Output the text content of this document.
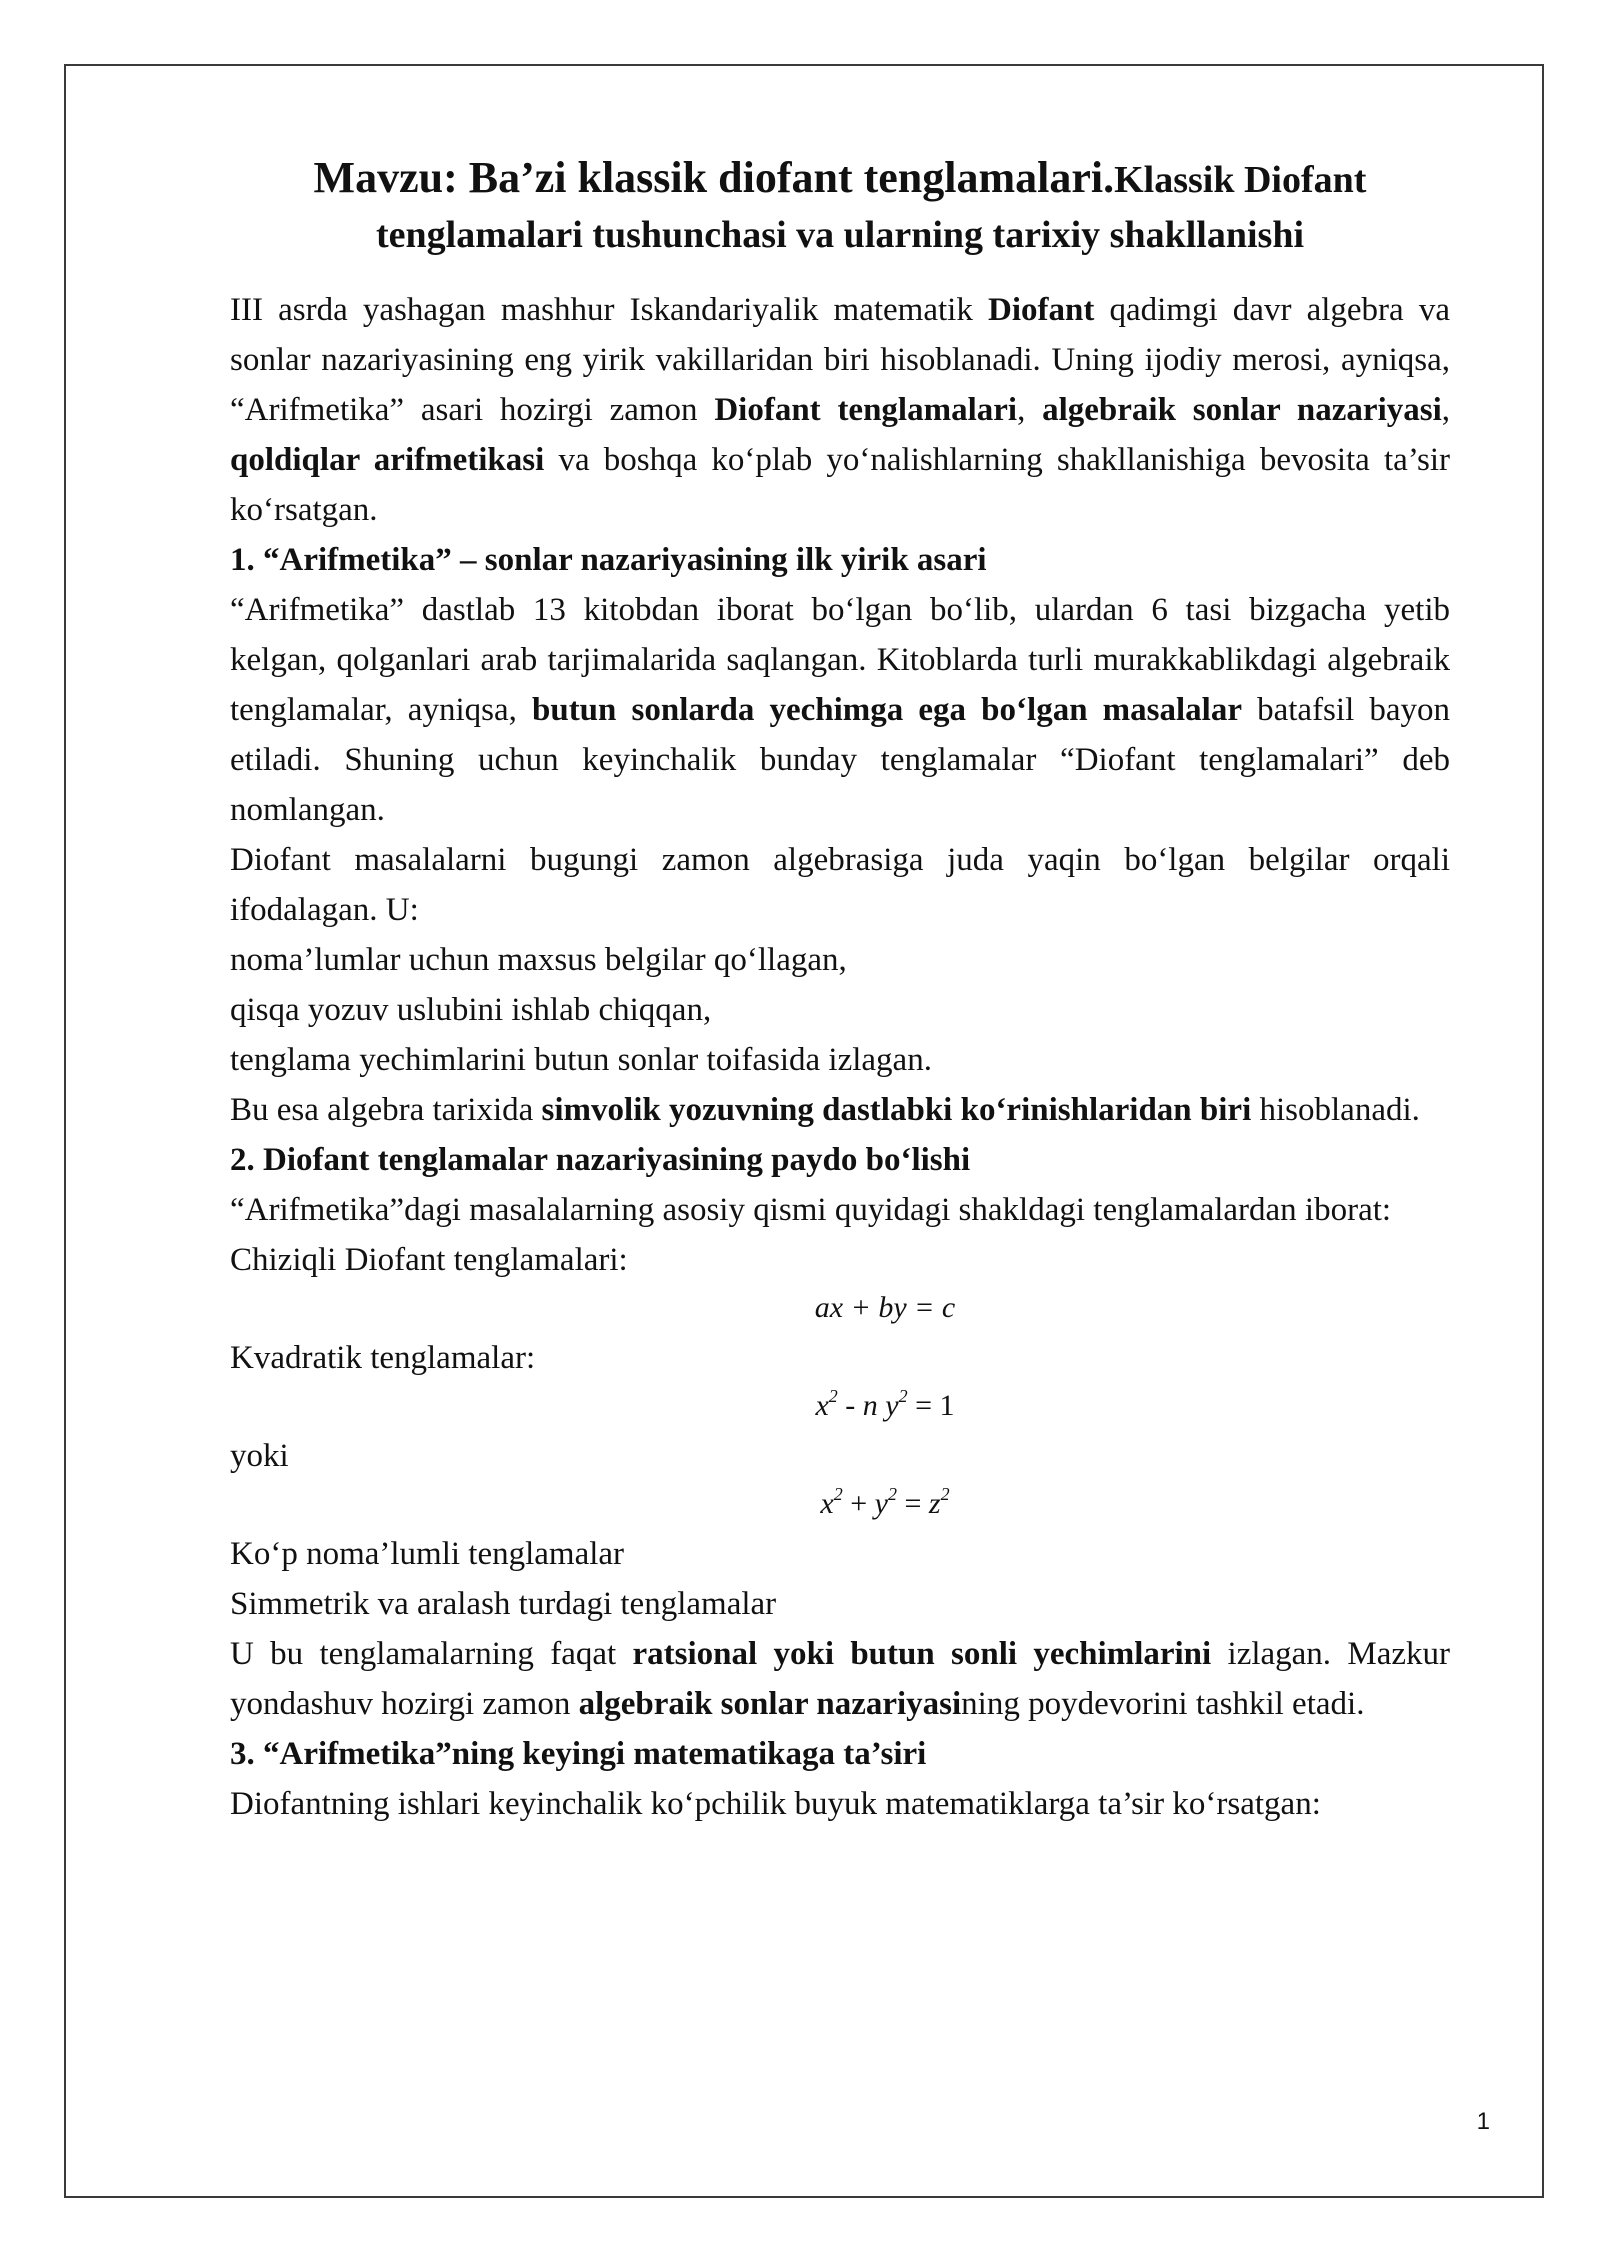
Mavzu: Ba’zi klassik diofant tenglamalari.Klassik Diofant tenglamalari tushunchasi va ularning tarixiy shakllanishi

III asrda yashagan mashhur Iskandariyalik matematik Diofant qadimgi davr algebra va sonlar nazariyasining eng yirik vakillaridan biri hisoblanadi. Uning ijodiy merosi, ayniqsa, “Arifmetika” asari hozirgi zamon Diofant tenglamalari, algebraik sonlar nazariyasi, qoldiqlar arifmetikasi va boshqa ko‘plab yo‘nalishlarning shakllanishiga bevosita ta’sir ko‘rsatgan.

1. “Arifmetika” – sonlar nazariyasining ilk yirik asari

“Arifmetika” dastlab 13 kitobdan iborat bo‘lgan bo‘lib, ulardan 6 tasi bizgacha yetib kelgan, qolganlari arab tarjimalarida saqlangan. Kitoblarda turli murakkablikdagi algebraik tenglamalar, ayniqsa, butun sonlarda yechimga ega bo‘lgan masalalar batafsil bayon etiladi. Shuning uchun keyinchalik bunday tenglamalar “Diofant tenglamalari” deb nomlangan.

Diofant masalalarni bugungi zamon algebrasiga juda yaqin bo‘lgan belgilar orqali ifodalagan. U:

noma’lumlar uchun maxsus belgilar qo‘llagan,

qisqa yozuv uslubini ishlab chiqqan,

tenglama yechimlarini butun sonlar toifasida izlagan.

Bu esa algebra tarixida simvolik yozuvning dastlabki ko‘rinishlaridan biri hisoblanadi.

2. Diofant tenglamalar nazariyasining paydo bo‘lishi

“Arifmetika”dagi masalalarning asosiy qismi quyidagi shakldagi tenglamalardan iborat:

Chiziqli Diofant tenglamalari:

ax + by = c

Kvadratik tenglamalar:

$x^2$ - n $y^2 = 1$

yoki

$x^2 + y^2 = z^2$

Ko‘p noma’lumli tenglamalar

Simmetrik va aralash turdagi tenglamalar

U bu tenglamalarning faqat ratsional yoki butun sonli yechimlarini izlagan. Mazkur yondashuv hozirgi zamon algebraik sonlar nazariyasining poydevorini tashkil etadi.

3. “Arifmetika”ning keyingi matematikaga ta’siri

Diofantning ishlari keyinchalik ko‘pchilik buyuk matematiklarga ta’sir ko‘rsatgan:

1
